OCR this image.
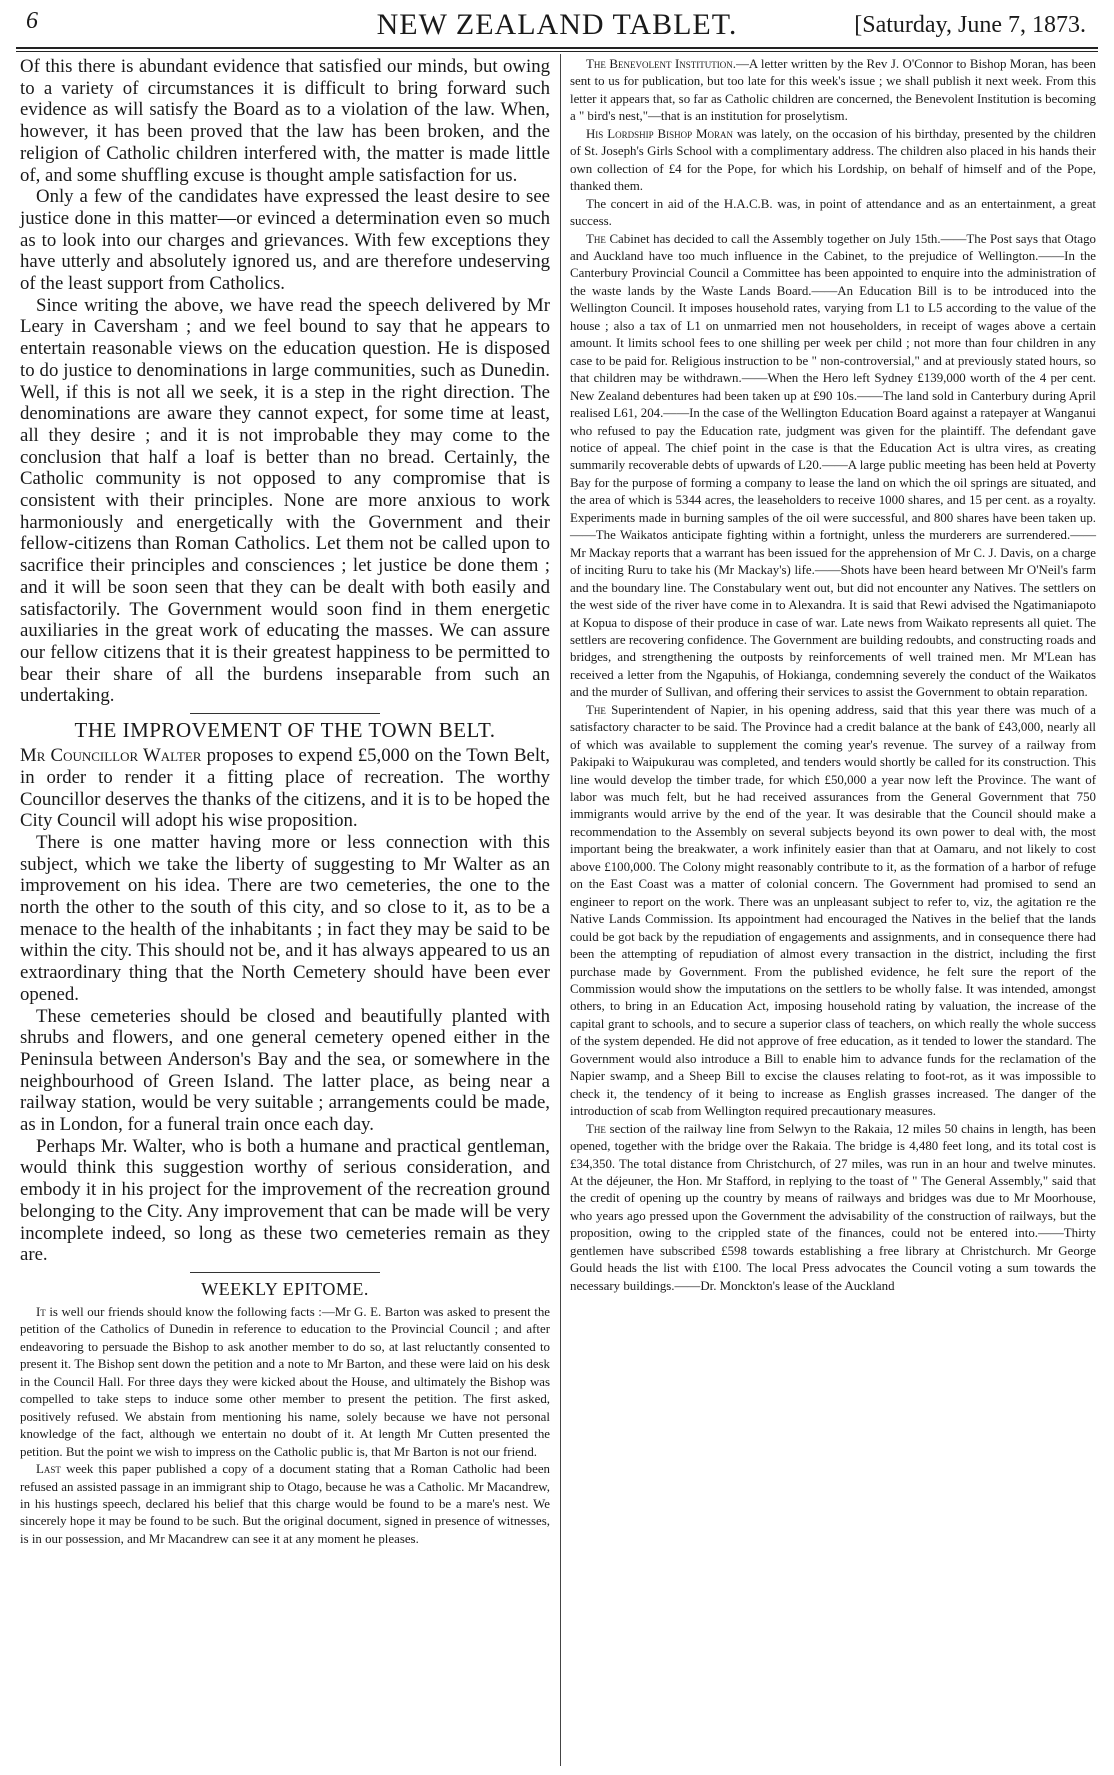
6	NEW ZEALAND TABLET.	[Saturday, June 7, 1873.

Of this there is abundant evidence that satisfied our minds, but owing to a variety of circumstances it is difficult to bring forward such evidence as will satisfy the Board as to a violation of the law. When, however, it has been proved that the law has been broken, and the religion of Catholic children interfered with, the matter is made little of, and some shuffling excuse is thought ample satisfaction for us.

Only a few of the candidates have expressed the least desire to see justice done in this matter—or evinced a determination even so much as to look into our charges and grievances. With few exceptions they have utterly and absolutely ignored us, and are therefore undeserving of the least support from Catholics.

Since writing the above, we have read the speech delivered by Mr Leary in Caversham ; and we feel bound to say that he appears to entertain reasonable views on the education question. He is disposed to do justice to denominations in large communities, such as Dunedin. Well, if this is not all we seek, it is a step in the right direction. The denominations are aware they cannot expect, for some time at least, all they desire ; and it is not improbable they may come to the conclusion that half a loaf is better than no bread. Certainly, the Catholic community is not opposed to any compromise that is consistent with their principles. None are more anxious to work harmoniously and energetically with the Government and their fellow-citizens than Roman Catholics. Let them not be called upon to sacrifice their principles and consciences ; let justice be done them ; and it will be soon seen that they can be dealt with both easily and satisfactorily. The Government would soon find in them energetic auxiliaries in the great work of educating the masses. We can assure our fellow citizens that it is their greatest happiness to be permitted to bear their share of all the burdens inseparable from such an undertaking.

THE IMPROVEMENT OF THE TOWN BELT.

Mr Councillor Walter proposes to expend £5,000 on the Town Belt, in order to render it a fitting place of recreation. The worthy Councillor deserves the thanks of the citizens, and it is to be hoped the City Council will adopt his wise proposition.

There is one matter having more or less connection with this subject, which we take the liberty of suggesting to Mr Walter as an improvement on his idea. There are two cemeteries, the one to the north the other to the south of this city, and so close to it, as to be a menace to the health of the inhabitants ; in fact they may be said to be within the city. This should not be, and it has always appeared to us an extraordinary thing that the North Cemetery should have been ever opened.

These cemeteries should be closed and beautifully planted with shrubs and flowers, and one general cemetery opened either in the Peninsula between Anderson's Bay and the sea, or somewhere in the neighbourhood of Green Island. The latter place, as being near a railway station, would be very suitable ; arrangements could be made, as in London, for a funeral train once each day.

Perhaps Mr. Walter, who is both a humane and practical gentleman, would think this suggestion worthy of serious consideration, and embody it in his project for the improvement of the recreation ground belonging to the City. Any improvement that can be made will be very incomplete indeed, so long as these two cemeteries remain as they are.

WEEKLY EPITOME.

It is well our friends should know the following facts :—Mr G. E. Barton was asked to present the petition of the Catholics of Dunedin in reference to education to the Provincial Council ; and after endeavoring to persuade the Bishop to ask another member to do so, at last reluctantly consented to present it. The Bishop sent down the petition and a note to Mr Barton, and these were laid on his desk in the Council Hall. For three days they were kicked about the House, and ultimately the Bishop was compelled to take steps to induce some other member to present the petition. The first asked, positively refused. We abstain from mentioning his name, solely because we have not personal knowledge of the fact, although we entertain no doubt of it. At length Mr Cutten presented the petition. But the point we wish to impress on the Catholic public is, that Mr Barton is not our friend.

Last week this paper published a copy of a document stating that a Roman Catholic had been refused an assisted passage in an immigrant ship to Otago, because he was a Catholic. Mr Macandrew, in his hustings speech, declared his belief that this charge would be found to be a mare's nest. We sincerely hope it may be found to be such. But the original document, signed in presence of witnesses, is in our possession, and Mr Macandrew can see it at any moment he pleases.

The Benevolent Institution.—A letter written by the Rev J. O'Connor to Bishop Moran, has been sent to us for publication, but too late for this week's issue ; we shall publish it next week. From this letter it appears that, so far as Catholic children are concerned, the Benevolent Institution is becoming a " bird's nest,"—that is an institution for proselytism.

His Lordship Bishop Moran was lately, on the occasion of his birthday, presented by the children of St. Joseph's Girls School with a complimentary address. The children also placed in his hands their own collection of £4 for the Pope, for which his Lordship, on behalf of himself and of the Pope, thanked them.

The concert in aid of the H.A.C.B. was, in point of attendance and as an entertainment, a great success.

The Cabinet has decided to call the Assembly together on July 15th.——The Post says that Otago and Auckland have too much influence in the Cabinet, to the prejudice of Wellington.——In the Canterbury Provincial Council a Committee has been appointed to enquire into the administration of the waste lands by the Waste Lands Board.——An Education Bill is to be introduced into the Wellington Council. It imposes household rates, varying from L1 to L5 according to the value of the house ; also a tax of L1 on unmarried men not householders, in receipt of wages above a certain amount. It limits school fees to one shilling per week per child ; not more than four children in any case to be paid for. Religious instruction to be " non-controversial," and at previously stated hours, so that children may be withdrawn.——When the Hero left Sydney £139,000 worth of the 4 per cent. New Zealand debentures had been taken up at £90 10s.——The land sold in Canterbury during April realised L61, 204.——In the case of the Wellington Education Board against a ratepayer at Wanganui who refused to pay the Education rate, judgment was given for the plaintiff. The defendant gave notice of appeal. The chief point in the case is that the Education Act is ultra vires, as creating summarily recoverable debts of upwards of L20.——A large public meeting has been held at Poverty Bay for the purpose of forming a company to lease the land on which the oil springs are situated, and the area of which is 5344 acres, the leaseholders to receive 1000 shares, and 15 per cent. as a royalty. Experiments made in burning samples of the oil were successful, and 800 shares have been taken up.——The Waikatos anticipate fighting within a fortnight, unless the murderers are surrendered.——Mr Mackay reports that a warrant has been issued for the apprehension of Mr C. J. Davis, on a charge of inciting Ruru to take his (Mr Mackay's) life.——Shots have been heard between Mr O'Neil's farm and the boundary line. The Constabulary went out, but did not encounter any Natives. The settlers on the west side of the river have come in to Alexandra. It is said that Rewi advised the Ngatimaniapoto at Kopua to dispose of their produce in case of war. Late news from Waikato represents all quiet. The settlers are recovering confidence. The Government are building redoubts, and constructing roads and bridges, and strengthening the outposts by reinforcements of well trained men. Mr M'Lean has received a letter from the Ngapuhis, of Hokianga, condemning severely the conduct of the Waikatos and the murder of Sullivan, and offering their services to assist the Government to obtain reparation.

The Superintendent of Napier, in his opening address, said that this year there was much of a satisfactory character to be said. The Province had a credit balance at the bank of £43,000, nearly all of which was available to supplement the coming year's revenue. The survey of a railway from Pakipaki to Waipukurau was completed, and tenders would shortly be called for its construction. This line would develop the timber trade, for which £50,000 a year now left the Province. The want of labor was much felt, but he had received assurances from the General Government that 750 immigrants would arrive by the end of the year. It was desirable that the Council should make a recommendation to the Assembly on several subjects beyond its own power to deal with, the most important being the breakwater, a work infinitely easier than that at Oamaru, and not likely to cost above £100,000. The Colony might reasonably contribute to it, as the formation of a harbor of refuge on the East Coast was a matter of colonial concern. The Government had promised to send an engineer to report on the work. There was an unpleasant subject to refer to, viz, the agitation re the Native Lands Commission. Its appointment had encouraged the Natives in the belief that the lands could be got back by the repudiation of engagements and assignments, and in consequence there had been the attempting of repudiation of almost every transaction in the district, including the first purchase made by Government. From the published evidence, he felt sure the report of the Commission would show the imputations on the settlers to be wholly false. It was intended, amongst others, to bring in an Education Act, imposing household rating by valuation, the increase of the capital grant to schools, and to secure a superior class of teachers, on which really the whole success of the system depended. He did not approve of free education, as it tended to lower the standard. The Government would also introduce a Bill to enable him to advance funds for the reclamation of the Napier swamp, and a Sheep Bill to excise the clauses relating to foot-rot, as it was impossible to check it, the tendency of it being to increase as English grasses increased. The danger of the introduction of scab from Wellington required precautionary measures.

The section of the railway line from Selwyn to the Rakaia, 12 miles 50 chains in length, has been opened, together with the bridge over the Rakaia. The bridge is 4,480 feet long, and its total cost is £34,350. The total distance from Christchurch, of 27 miles, was run in an hour and twelve minutes. At the déjeuner, the Hon. Mr Stafford, in replying to the toast of " The General Assembly," said that the credit of opening up the country by means of railways and bridges was due to Mr Moorhouse, who years ago pressed upon the Government the advisability of the construction of railways, but the proposition, owing to the crippled state of the finances, could not be entered into.——Thirty gentlemen have subscribed £598 towards establishing a free library at Christchurch. Mr George Gould heads the list with £100. The local Press advocates the Council voting a sum towards the necessary buildings.——Dr. Monckton's lease of the Auckland
